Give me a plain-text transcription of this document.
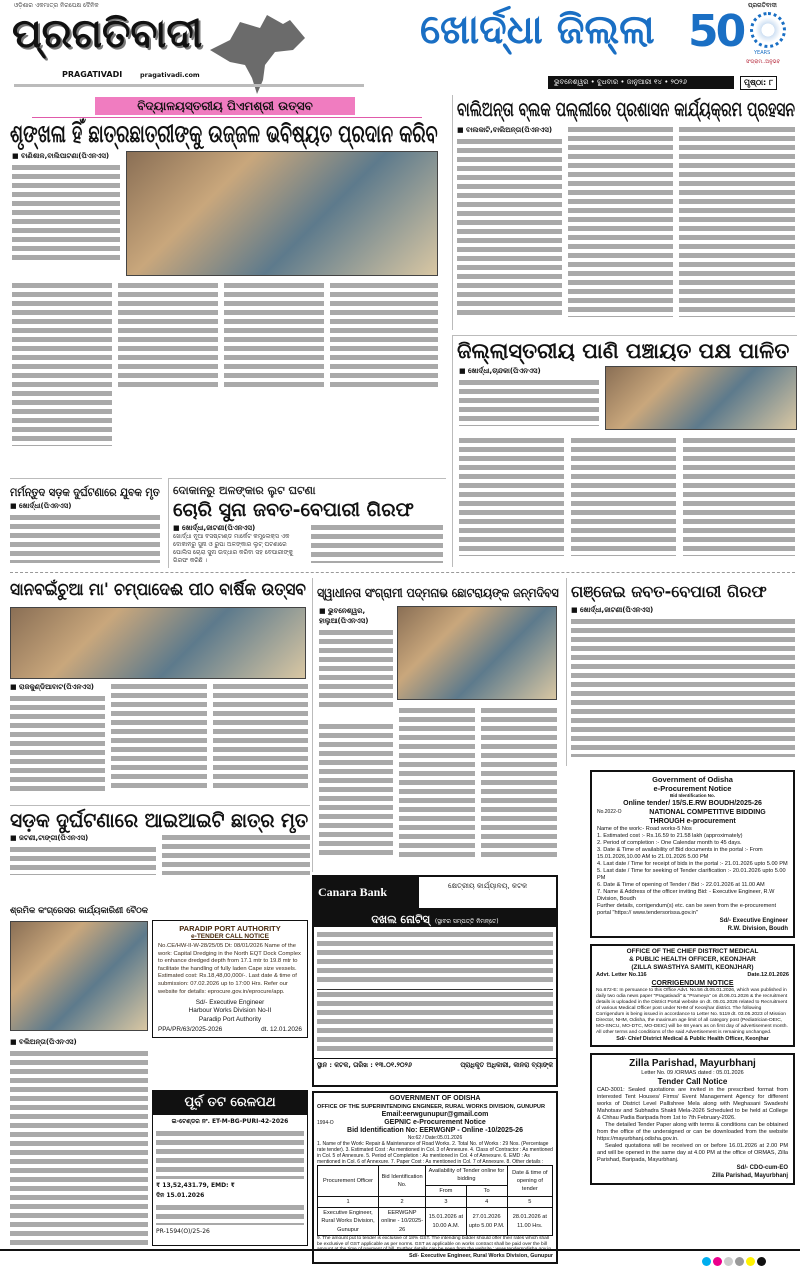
ଓଡ଼ିଶାର ଏକମାତ୍ର ନିରପେକ୍ଷ ଦୈନିକ
ପ୍ରଗତିବାଦୀ
PRAGATIVADI	pragativadi.com
ଖୋର୍ଦ୍ଧା ଜିଲ୍ଲା 50
ପ୍ରଗତିବାଦୀ
YEARS
ସଂଗ୍ରାମ..ଅନୁଭବ
ଭୁବନେଶ୍ୱର • ବୁଧବାର • ଜାନୁଆରୀ ୧୪ • ୨୦୨୬	ପୃଷ୍ଠା: ୮
ବିଦ୍ୟାଳୟସ୍ତରୀୟ ପିଏମଶ୍ରୀ ଉତ୍ସବ
ଶୃଙ୍ଖଳା ହିଁ ଛାତ୍ରଛାତ୍ରୀଙ୍କୁ ଉଜ୍ଜଳ ଭବିଷ୍ୟତ ପ୍ରଦାନ କରିବ
■ ବାଣିଶାଳ,ବାଲିପାଟଣା(ପିଏନଏସ)
ବାଲିଅନ୍ତା ବ୍ଲକ ପଲ୍ଲୀରେ ପ୍ରଶାସନ କାର୍ଯ୍ୟକ୍ରମ ପ୍ରହସନ
■ ବାଲକାଟି,ବାଲିଅନ୍ତା(ପିଏନଏସ)
ଜିଲ୍ଲାସ୍ତରୀୟ ପାଣି ପଞ୍ଚାୟତ ପକ୍ଷ ପାଳିତ
■ ଖୋର୍ଦ୍ଧା,ଚାନ୍ଦକା(ପିଏନଏସ)
ମର୍ମନ୍ତୁଦ ସଡ଼କ ଦୁର୍ଘଟଣାରେ ଯୁବକ ମୃତ
■ ଖୋର୍ଦ୍ଧା(ପିଏନଏସ)
ଦୋକାନରୁ ଅଳଙ୍କାର ଲୁଟ ଘଟଣା
ଚୋରି ସୁନା ଜବତ-ବେପାରୀ ଗିରଫ
■ ଖୋର୍ଦ୍ଧା,ଜାଟଣୀ(ପିଏନଏସ)
ଖୋର୍ଦ୍ଧା ନୂଆ ବସଷ୍ଟାଣ୍ଡ ମାର୍କେଟ କମ୍ପ୍ଲେକ୍ସ ଏକ ଦୋକାନରୁ ସୁନା ଓ ରୁପା ଅଳଙ୍କାର ଲୁଟ୍ ଘଟଣାରେ ପୋଲିସ ଚୋରା ସୁନା ଉଦ୍ଧାର କରିବା ସହ ବେପାରୀଙ୍କୁ ଗିରଫ କରିଛି ।
ସାନବଇଁଚୁଆ ମା' ଚମ୍ପାଦେଈ ପୀଠ ବାର୍ଷିକ ଉତ୍ସବ
■ ରାଜକୁଣ୍ଡିଆବାଟ(ପିଏନଏସ)
ସ୍ୱାଧୀନତା ସଂଗ୍ରାମୀ ପଦ୍ମନାଭ ଛୋଟରାୟଙ୍କ ଜନ୍ମଦିବସ
■ ଭୁବନେଶ୍ୱର, ହାଲୁଆ(ପିଏନଏସ)
ଗଞ୍ଜେଇ ଜବତ-ବେପାରୀ ଗିରଫ
■ ଖୋର୍ଦ୍ଧା,ଜାଟଣୀ(ପିଏନଏସ)
ସଡ଼କ ଦୁର୍ଘଟଣାରେ ଆଇଆଇଟି ଛାତ୍ର ମୃତ
■ ଜଟଣୀ,ଟାଙ୍ଗୀ(ପିଏନଏସ)
ଶ୍ରମିକ କଂଗ୍ରେସର କାର୍ଯ୍ୟକାରିଣୀ ବୈଠକ
■ ବଲିଅନ୍ତା(ପିଏନଏସ)
PARADIP PORT AUTHORITY
e-TENDER CALL NOTICE
No.CE/HW-II-W-28/25/05 Dt: 08/01/2026 Name of the work: Capital Dredging in the North EQT Dock Complex to enhance dredged depth from 17.1 mtr to 19.8 mtr to facilitate the handling of fully laden Cape size vessels. Estimated cost: Rs.18,48,00,000/-. Last date & time of submission: 07.02.2026 up to 17:00 Hrs. Refer our website for details: eprocure.gov.in/eprocure/app.
Sd/- Executive Engineer
Harbour Works Division No-II
Paradip Port Authority
PPA/PR/63/2025-2026	dt. 12.01.2026
ପୂର୍ବ ତଟ ରେଳପଥ
ଇ-ଟେଣ୍ଡର ନଂ. ET-M-BG-PURI-42-2026
₹ 13,52,431.79, EMD: ₹
ଦିନ 15.01.2026
PR-1594(O)/25-26
Canara Bank	କ୍ଷେତ୍ରୀୟ କାର୍ଯ୍ୟାଳୟ, କଟକ
ଦଖଲ ନୋଟିସ୍ (ସ୍ଥାବର ସମ୍ପତ୍ତି ନିମନ୍ତେ)
ସ୍ଥାନ : କଟକ, ତାରିଖ : ୧୩.୦୧.୨୦୨୬	ପ୍ରାଧିକୃତ ଅଧିକାରୀ, କାନରା ବ୍ୟାଙ୍କ
GOVERNMENT OF ODISHA
OFFICE OF THE SUPERINTENDING ENGINEER, RURAL WORKS DIVISION, GUNUPUR
Email:eerwgunupur@gmail.com
1994-O	GEPNIC e-Procurement Notice
Bid Identification No: EERWGNP - Online -10/2025-26
No:62 / Date:05.01.2026
1. Name of the Work: Repair & Maintenance of Road Works. 2. Total No. of Works : 29 Nos. (Percentage rate tender). 3. Estimated Cost : As mentioned in Col. 3 of Annexure. 4. Class of Contractor : As mentioned in Col. 5 of Annexure. 5. Period of Completion : As mentioned in Col. 4 of Annexure. 6. EMD : As mentioned in Col. 6 of Annexure. 7. Paper Cost : As mentioned in Col. 7 of Annexure. 8. Other details :
Procurement Officer	Bid Identification No.	Availability of Tender online for bidding		Date & time of opening of tender
		From	To	
1	2	3	4	5
Executive Engineer, Rural Works Division, Gunupur	EERWGNP online - 10/2025-26	15.01.2026 at 10.00 A.M.	27.01.2026 upto 5.00 P.M.	28.01.2026 at 11.00 Hrs.
9. The amount put to tender is exclusive of 18% GST. The intending bidder should offer their rates which shall be exclusive of GST applicable as per norms. GST as applicable on works contract shall be paid over the bill
Sd/- Executive Engineer, Rural Works Division, Gunupur
Government of Odisha
e-Procurement Notice
Bid Identification No.
Online tender/ 15/S.E.RW BOUDH/2025-26
No.2022-O	NATIONAL COMPETITIVE BIDDING
THROUGH e-procurement
Name of the work:- Road works-5 Nos
1. Estimated cost :- Rs.16.59 to 21.58 lakh (approximately)
2. Period of completion :- One Calendar month to 45 days.
3. Date & Time of availability of Bid documents in the portal :- From 15.01.2026,10.00 AM to 21.01.2026 5.00 PM
4. Last date / Time for receipt of bids in the portal :- 21.01.2026 upto 5.00 PM
5. Last date / Time for seeking of Tender clarification :- 20.01.2026 upto 5.00 PM
6. Date & Time of opening of Tender / Bid :- 22.01.2026 at 11.00 AM
7. Name & Address of the officer inviting Bid: - Executive Engineer, R.W Division, Boudh
Further details, corrigendum(s) etc. can be seen from the e-procurement portal "https:// www.tendersorissa.gov.in"
Sd/- Executive Engineer
R.W. Division, Boudh
OFFICE OF THE CHIEF DISTRICT MEDICAL
& PUBLIC HEALTH OFFICER, KEONJHAR
(ZILLA SWASTHYA SAMITI, KEONJHAR)
Advt. Letter No.116	Date.12.01.2026
CORRIGENDUM NOTICE
No.672-E: In persuance to this Office Advt. No.56 dt.05.01.2026, which was published in daily two odia news paper "Pragativadi" & "Prameya" on dt.06.01.2026 & the recruitment details is uploaded in the District Portal website on dt. 05.01.2026 related to Recruitment of various Medical Officer post under NHM of Keonjhar district. The following Corrigendum is being issued in accordance to Letter No. 5119 dt. 03.05.2023 of Mission Director, NHM, Odisha, the maximum age limit of all category post (Pediatrician-DEIC, MO-SNCU, MO-DTC, MO-DEIC) will be 68 years as on first day of advertisement month. All other terms and conditions of the said Advertisement is remaining unchanged.
Sd/- Chief District Medical & Public Health Officer, Keonjhar
Zilla Parishad, Mayurbhanj
Letter No. 09 /ORMAS dated : 05.01.2026
Tender Call Notice
CAD-3001: Sealed quotations are invited in the prescribed format from interested Tent Houses/ Firms/ Event Management Agency for different works of District Level Pallishree Mela along with Meghasani Swadeshi Mahotsav and Subhadra Shakti Mela-2026 Scheduled to be held at College & Chhau Padia Baripada from 1st to 7th February-2026.
The detailed Tender Paper along with terms & conditions can be obtained from the office of the undersigned or can be downloaded from the website https://mayurbhanj.odisha.gov.in.
Sealed quotations will be received on or before 16.01.2026 at 2.00 PM and will be opened in the same day at 4.00 PM at the office of ORMAS, Zilla Parishad, Baripada, Mayurbhanj.
Sd/- CDO-cum-EO
Zilla Parishad, Mayurbhanj
